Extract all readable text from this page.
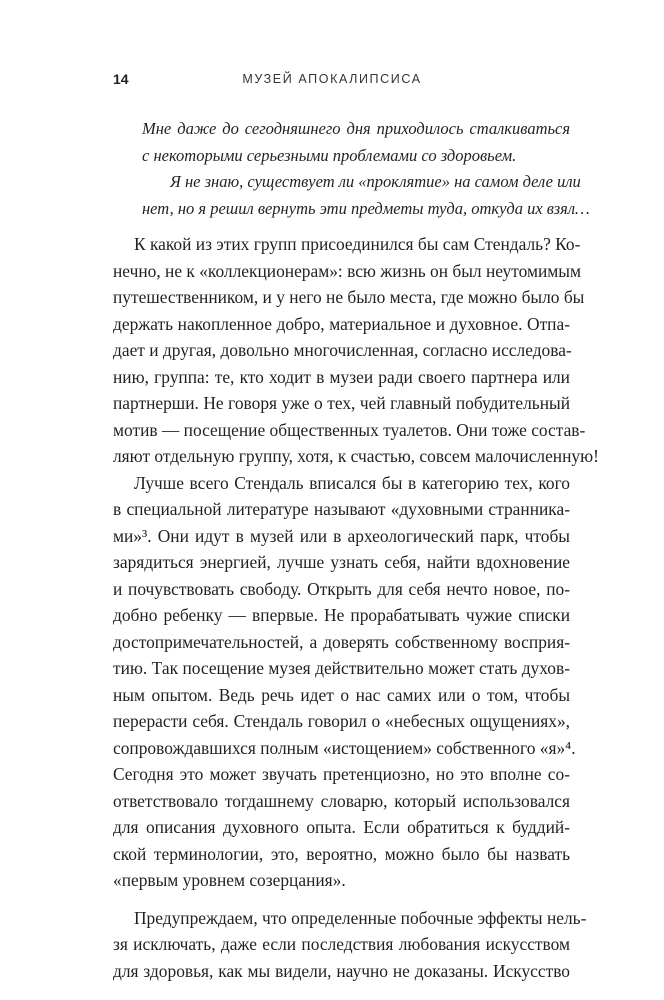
14	МУЗЕЙ АПОКАЛИПСИСА
Мне даже до сегодняшнего дня приходилось сталкиваться
с некоторыми серьезными проблемами со здоровьем.
Я не знаю, существует ли «проклятие» на самом деле или
нет, но я решил вернуть эти предметы туда, откуда их взял…
К какой из этих групп присоединился бы сам Стендаль? Ко-
нечно, не к «коллекционерам»: всю жизнь он был неутомимым
путешественником, и у него не было места, где можно было бы
держать накопленное добро, материальное и духовное. Отпа-
дает и другая, довольно многочисленная, согласно исследова-
нию, группа: те, кто ходит в музеи ради своего партнера или
партнерши. Не говоря уже о тех, чей главный побудительный
мотив — посещение общественных туалетов. Они тоже состав-
ляют отдельную группу, хотя, к счастью, совсем малочисленную!
Лучше всего Стендаль вписался бы в категорию тех, кого
в специальной литературе называют «духовными странника-
ми»³. Они идут в музей или в археологический парк, чтобы
зарядиться энергией, лучше узнать себя, найти вдохновение
и почувствовать свободу. Открыть для себя нечто новое, по-
добно ребенку — впервые. Не прорабатывать чужие списки
достопримечательностей, а доверять собственному восприя-
тию. Так посещение музея действительно может стать духов-
ным опытом. Ведь речь идет о нас самих или о том, чтобы
перерасти себя. Стендаль говорил о «небесных ощущениях»,
сопровождавшихся полным «истощением» собственного «я»⁴.
Сегодня это может звучать претенциозно, но это вполне со-
ответствовало тогдашнему словарю, который использовался
для описания духовного опыта. Если обратиться к буддий-
ской терминологии, это, вероятно, можно было бы назвать
«первым уровнем созерцания».
Предупреждаем, что определенные побочные эффекты нель-
зя исключать, даже если последствия любования искусством
для здоровья, как мы видели, научно не доказаны. Искусство
